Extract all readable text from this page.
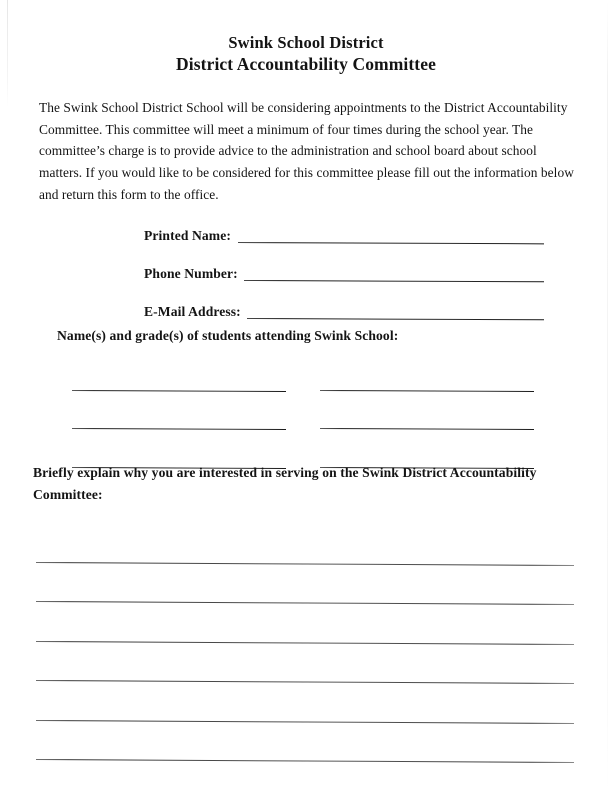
Swink School District
District Accountability Committee
The Swink School District School will be considering appointments to the District Accountability Committee. This committee will meet a minimum of four times during the school year. The committee’s charge is to provide advice to the administration and school board about school matters. If you would like to be considered for this committee please fill out the information below and return this form to the office.
Printed Name:
Phone Number:
E-Mail Address:
Name(s) and grade(s) of students attending Swink School:
Briefly explain why you are interested in serving on the Swink District Accountability
Committee:
